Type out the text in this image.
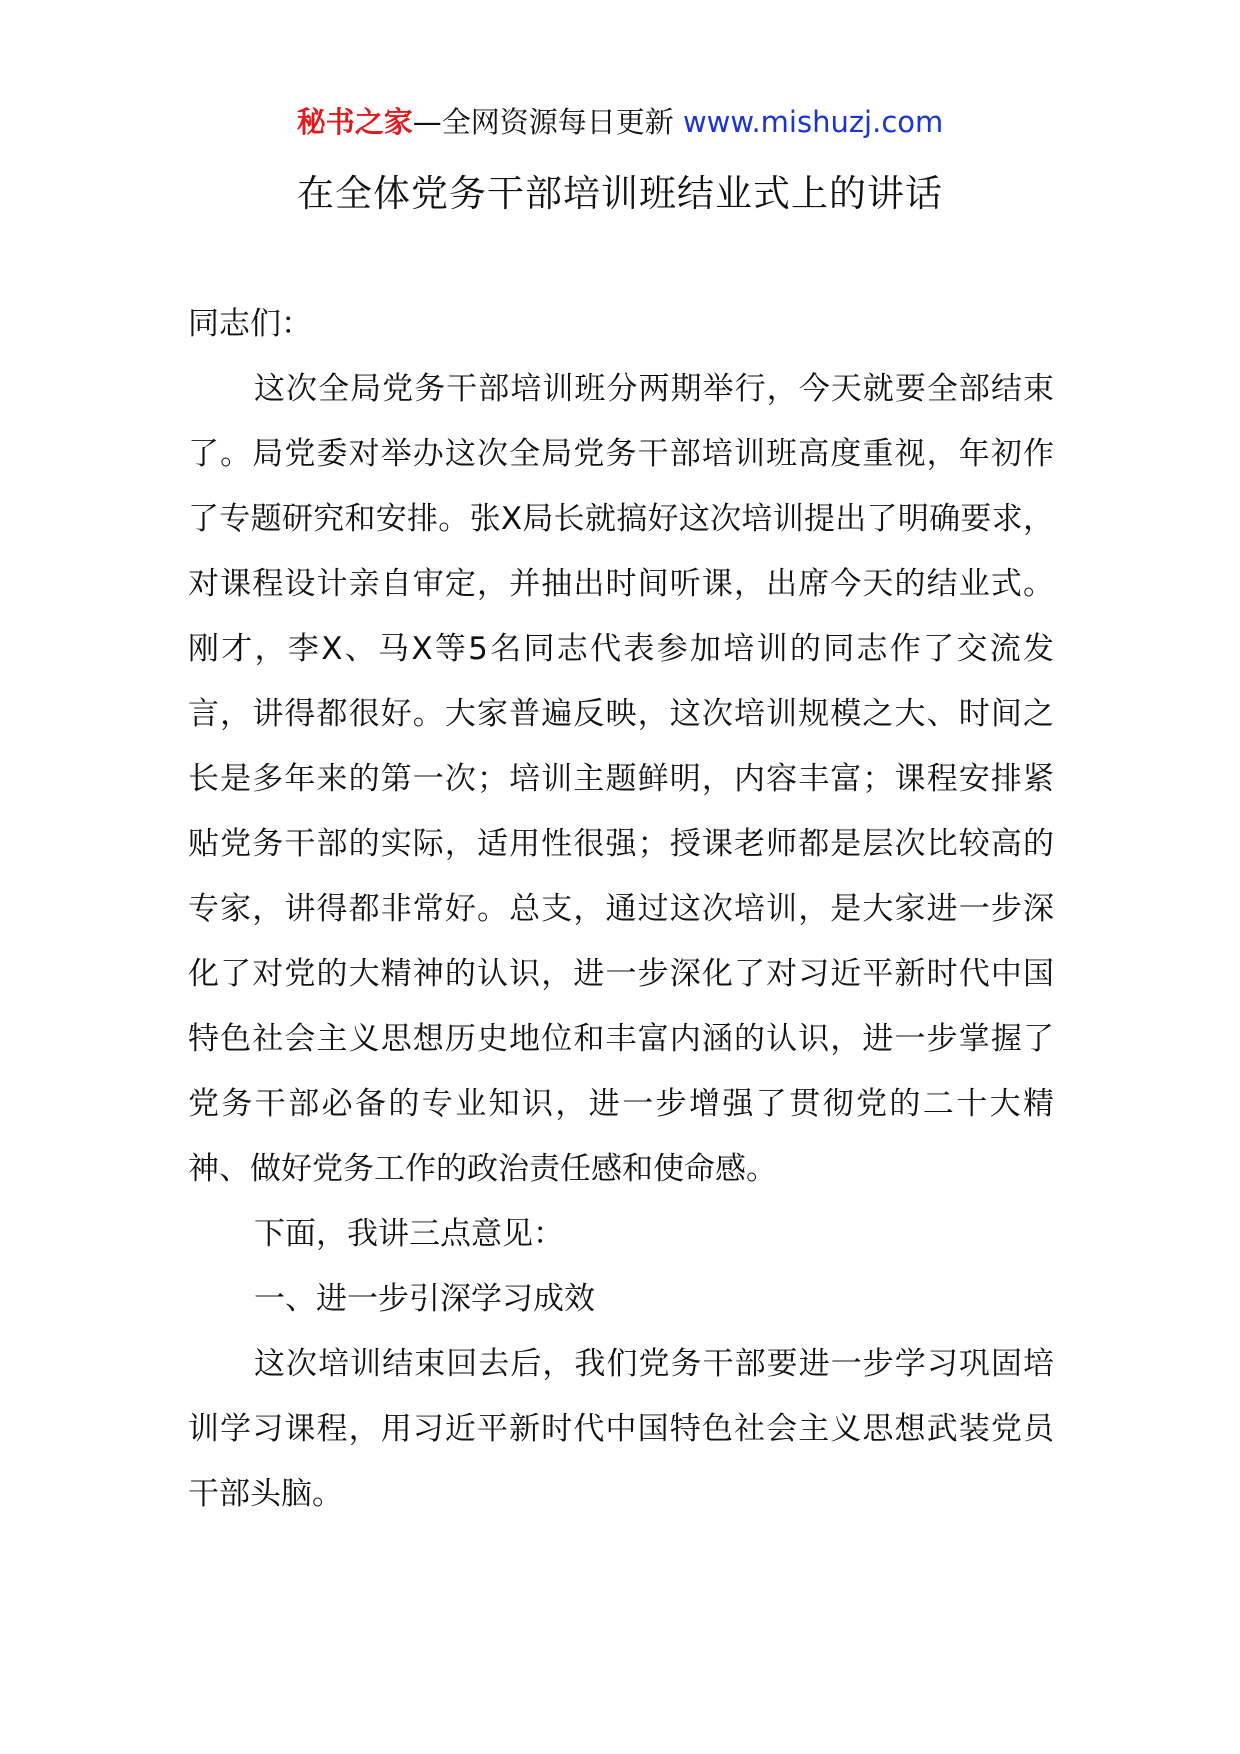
秘书之家—全网资源每日更新 www.mishuzj.com
在全体党务干部培训班结业式上的讲话

同志们：

这次全局党务干部培训班分两期举行，今天就要全部结束了。局党委对举办这次全局党务干部培训班高度重视，年初作了专题研究和安排。张X局长就搞好这次培训提出了明确要求，对课程设计亲自审定，并抽出时间听课，出席今天的结业式。刚才，李X、马X等5名同志代表参加培训的同志作了交流发言，讲得都很好。大家普遍反映，这次培训规模之大、时间之长是多年来的第一次；培训主题鲜明，内容丰富；课程安排紧贴党务干部的实际，适用性很强；授课老师都是层次比较高的专家，讲得都非常好。总支，通过这次培训，是大家进一步深化了对党的大精神的认识，进一步深化了对习近平新时代中国特色社会主义思想历史地位和丰富内涵的认识，进一步掌握了党务干部必备的专业知识，进一步增强了贯彻党的二十大精神、做好党务工作的政治责任感和使命感。

下面，我讲三点意见：

一、进一步引深学习成效

这次培训结束回去后，我们党务干部要进一步学习巩固培训学习课程，用习近平新时代中国特色社会主义思想武装党员干部头脑。
